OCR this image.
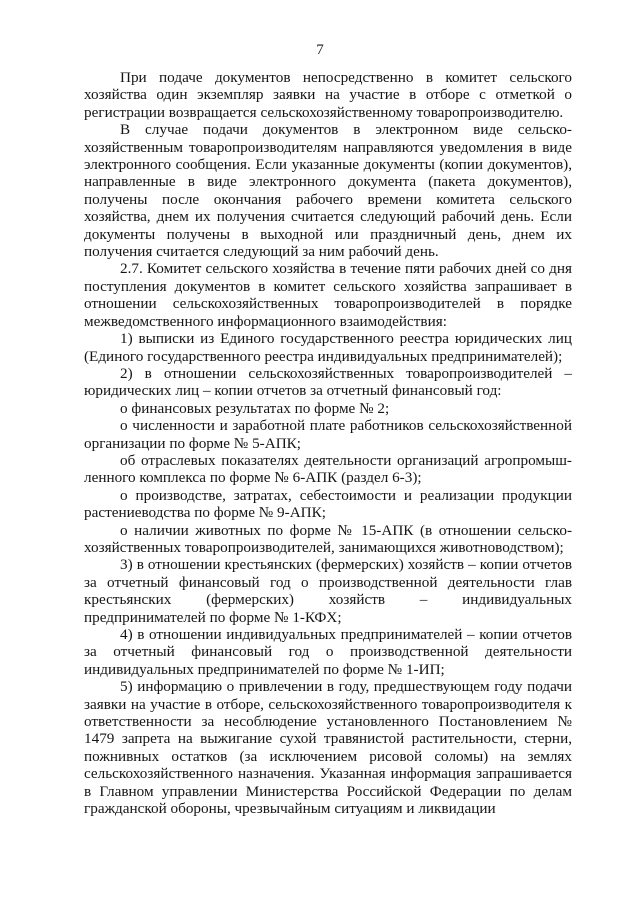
7

При подаче документов непосредственно в комитет сельского хозяйства один экземпляр заявки на участие в отборе с отметкой о регистрации возвращается сельскохозяйственному товаропроизводителю.

В случае подачи документов в электронном виде сельско-хозяйственным товаропроизводителям направляются уведомления в виде электронного сообщения. Если указанные документы (копии документов), направленные в виде электронного документа (пакета документов), получены после окончания рабочего времени комитета сельского хозяйства, днем их получения считается следующий рабочий день. Если документы получены в выходной или праздничный день, днем их получения считается следующий за ним рабочий день.

2.7. Комитет сельского хозяйства в течение пяти рабочих дней со дня поступления документов в комитет сельского хозяйства запрашивает в отношении сельскохозяйственных товаропроизводителей в порядке межведомственного информационного взаимодействия:

1) выписки из Единого государственного реестра юридических лиц (Единого государственного реестра индивидуальных предпринимателей);

2) в отношении сельскохозяйственных товаропроизводителей – юридических лиц – копии отчетов за отчетный финансовый год:

о финансовых результатах по форме № 2;

о численности и заработной плате работников сельскохозяйственной организации по форме № 5-АПК;

об отраслевых показателях деятельности организаций агропромыш-ленного комплекса по форме № 6-АПК (раздел 6-3);

о производстве, затратах, себестоимости и реализации продукции растениеводства по форме № 9-АПК;

о наличии животных по форме № 15-АПК (в отношении сельско-хозяйственных товаропроизводителей, занимающихся животноводством);

3) в отношении крестьянских (фермерских) хозяйств – копии отчетов за отчетный финансовый год о производственной деятельности глав крестьянских (фермерских) хозяйств – индивидуальных предпринимателей по форме № 1-КФХ;

4) в отношении индивидуальных предпринимателей – копии отчетов за отчетный финансовый год о производственной деятельности индивидуальных предпринимателей по форме № 1-ИП;

5) информацию о привлечении в году, предшествующем году подачи заявки на участие в отборе, сельскохозяйственного товаропроизводителя к ответственности за несоблюдение установленного Постановлением № 1479 запрета на выжигание сухой травянистой растительности, стерни, пожнивных остатков (за исключением рисовой соломы) на землях сельскохозяйственного назначения. Указанная информация запрашивается в Главном управлении Министерства Российской Федерации по делам гражданской обороны, чрезвычайным ситуациям и ликвидации
